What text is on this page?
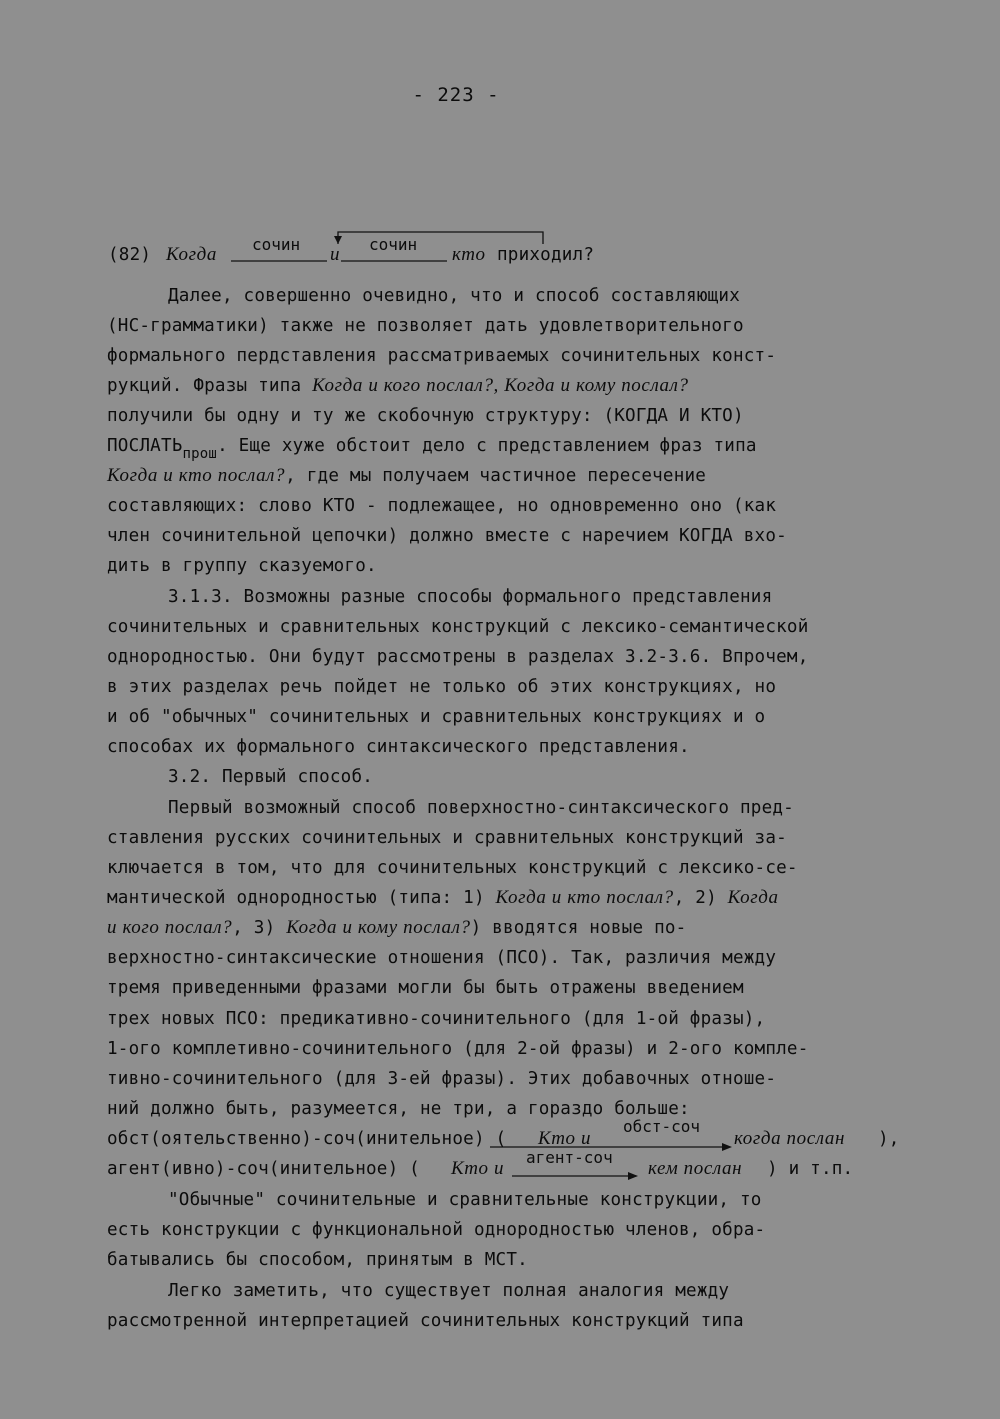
- 223 -
(82) Когда сочин и сочин кто приходил?
Далее, совершенно очевидно, что и способ составляющих
(НС-грамматики) также не позволяет дать удовлетворительного
формального пердставления рассматриваемых сочинительных конст-
рукций. Фразы типа Когда и кого послал?, Когда и кому послал?
получили бы одну и ту же скобочную структуру: (КОГДА И КТО)
$ПОСЛАТЬ_{прош}$. Еще хуже обстоит дело с представлением фраз типа
Когда и кто послал?, где мы получаем частичное пересечение
составляющих: слово КТО - подлежащее, но одновременно оно (как
член сочинительной цепочки) должно вместе с наречием КОГДА вхо-
дить в группу сказуемого.
3.1.3. Возможны разные способы формального представления
сочинительных и сравнительных конструкций с лексико-семантической
однородностью. Они будут рассмотрены в разделах 3.2-3.6. Впрочем,
в этих разделах речь пойдет не только об этих конструкциях, но
и об "обычных" сочинительных и сравнительных конструкциях и о
способах их формального синтаксического представления.
3.2. Первый способ.
Первый возможный способ поверхностно-синтаксического пред-
ставления русских сочинительных и сравнительных конструкций за-
ключается в том, что для сочинительных конструкций с лексико-се-
мантической однородностью (типа: 1) Когда и кто послал?, 2) Когда
и кого послал?, 3) Когда и кому послал?) вводятся новые по-
верхностно-синтаксические отношения (ПСО). Так, различия между
тремя приведенными фразами могли бы быть отражены введением
трех новых ПСО: предикативно-сочинительного (для 1-ой фразы),
1-ого комплетивно-сочинительного (для 2-ой фразы) и 2-ого компле-
тивно-сочинительного (для 3-ей фразы). Этих добавочных отноше-
ний должно быть, разумеется, не три, а гораздо больше:
обст(оятельственно)-соч(инительное) ( Кто и
обст-соч
когда послан ),
агент(ивно)-соч(инительное) ( Кто и
агент-соч
кем послан ) и т.п.
"Обычные" сочинительные и сравнительные конструкции, то
есть конструкции с функциональной однородностью членов, обра-
батывались бы способом, принятым в МСТ.
Легко заметить, что существует полная аналогия между
рассмотренной интерпретацией сочинительных конструкций типа
